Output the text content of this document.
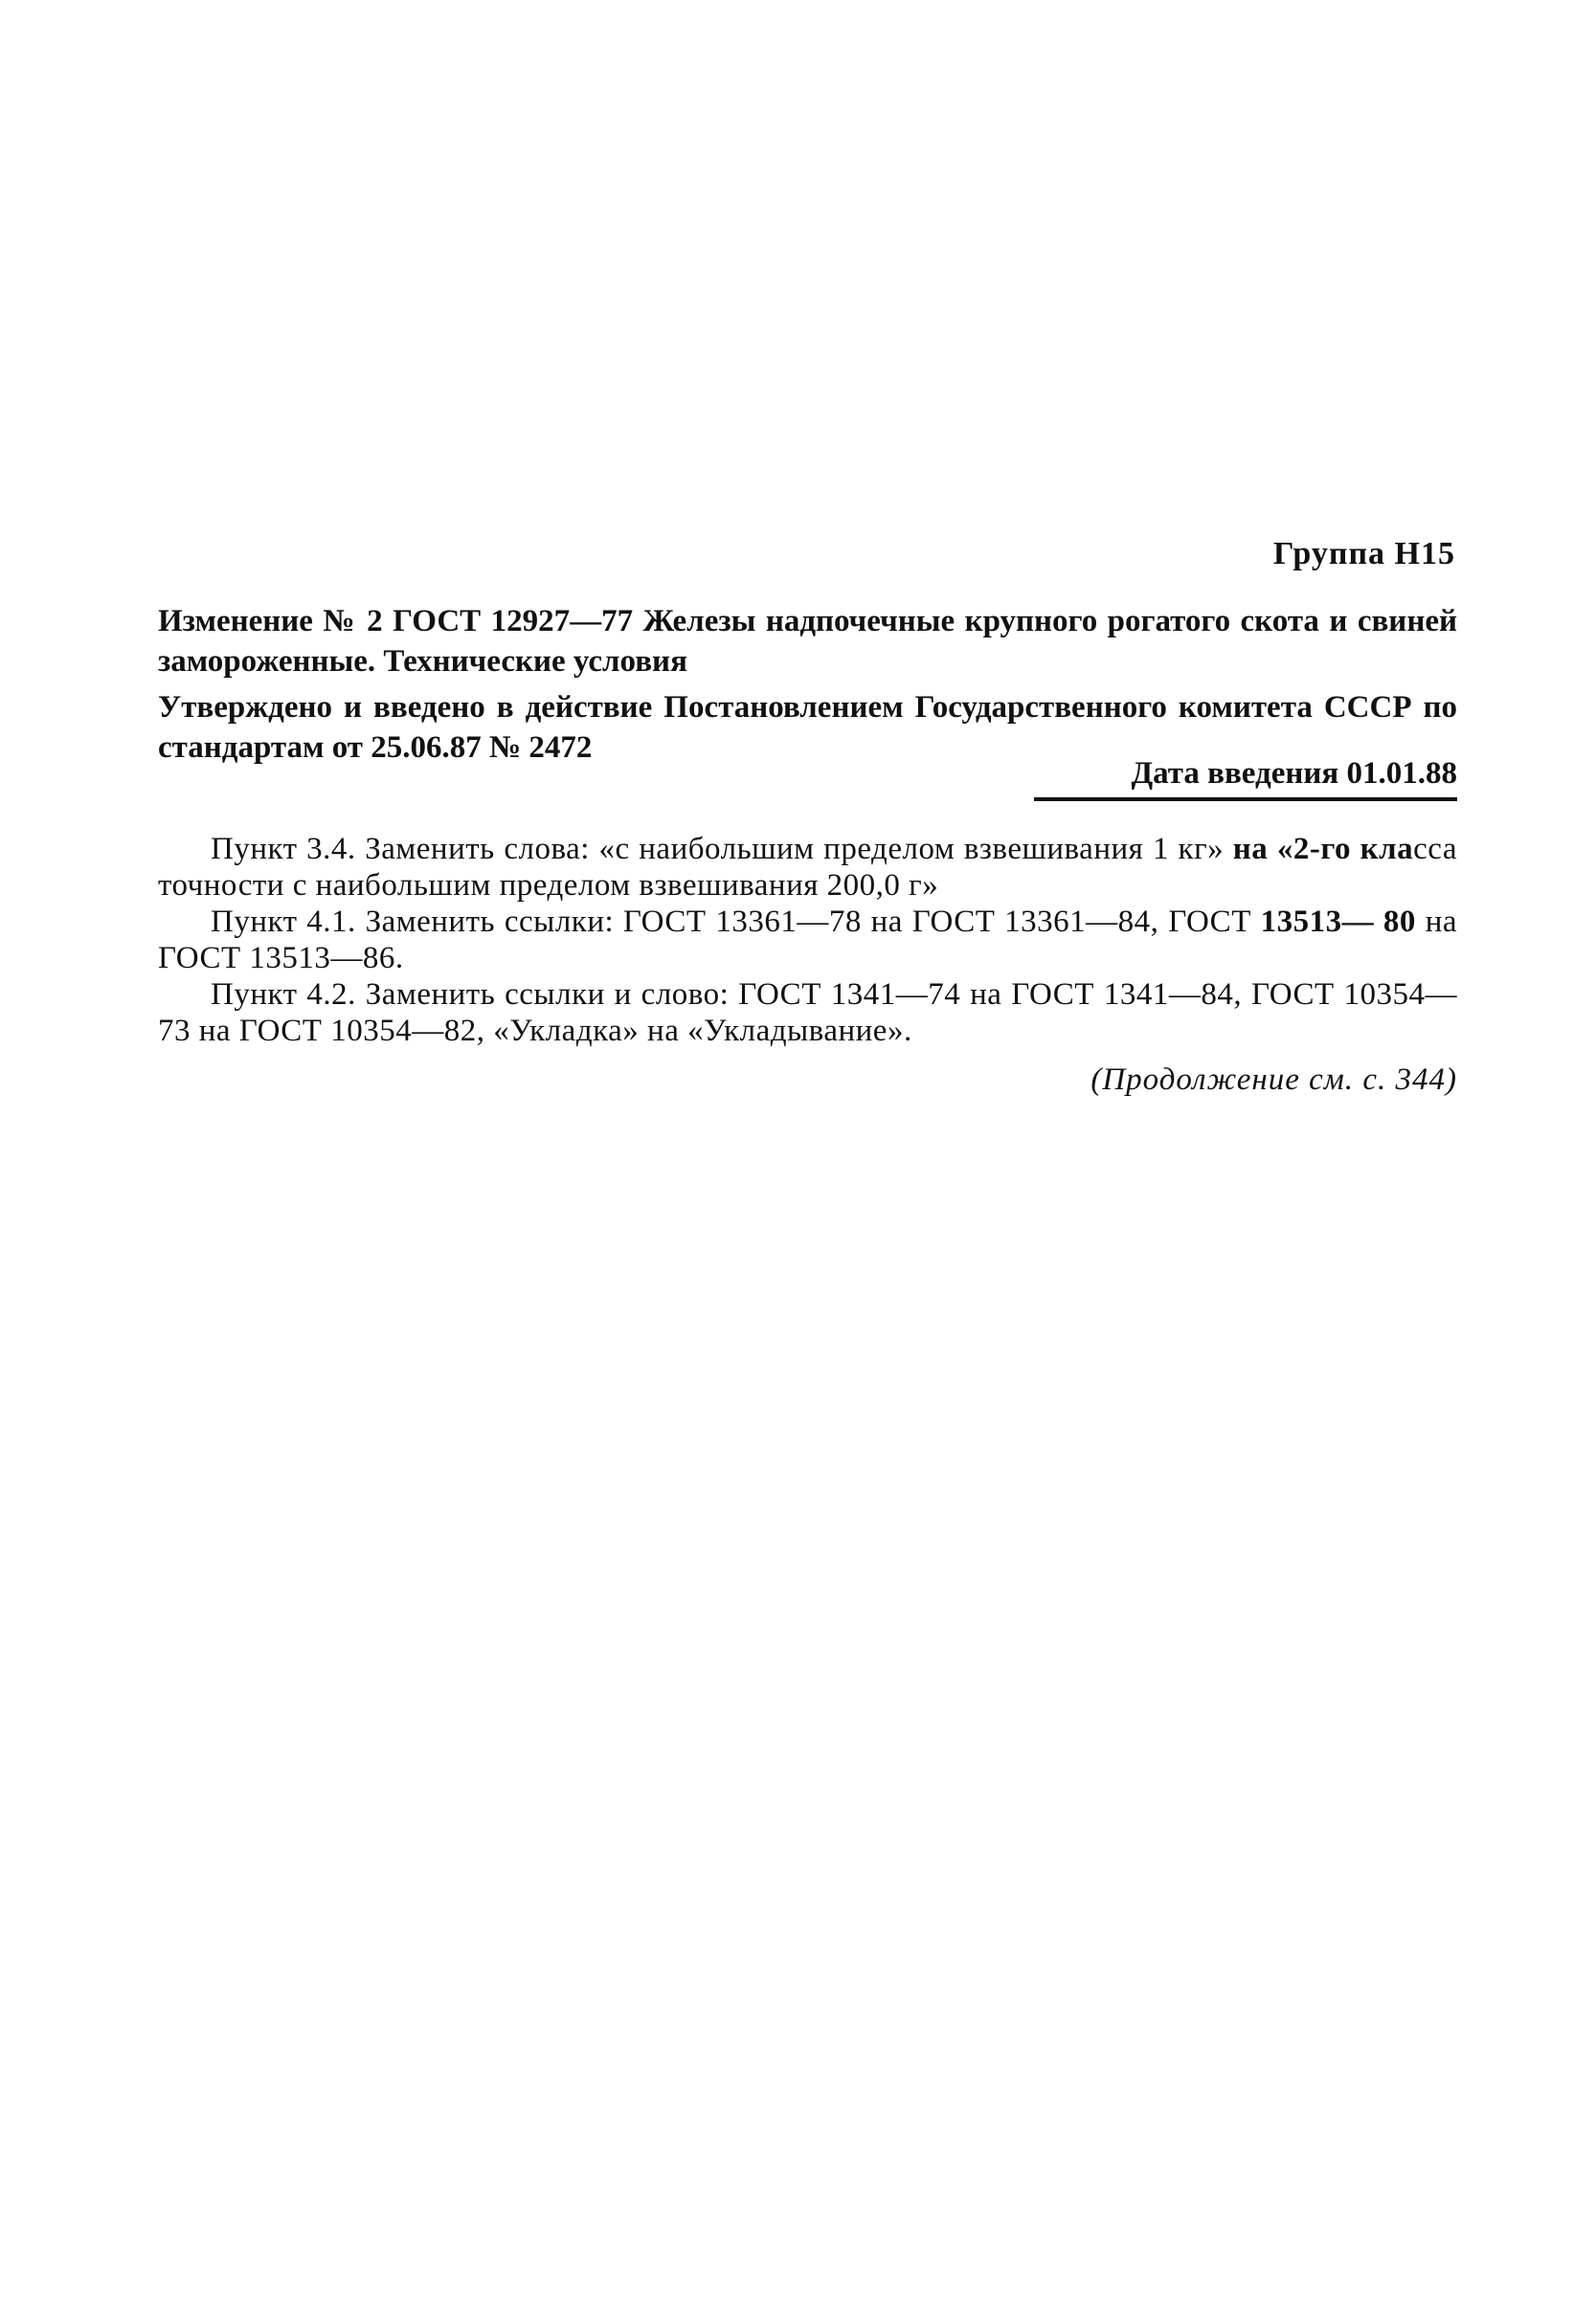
Группа Н15
Изменение № 2 ГОСТ 12927—77 Железы надпочечные крупного рогатого скота и свиней замороженные. Технические условия
Утверждено и введено в действие Постановлением Государственного комитета СССР по стандартам от 25.06.87 № 2472
Дата введения 01.01.88

Пункт 3.4. Заменить слова: «с наибольшим пределом взвешивания 1 кг» на «2-го класса точности с наибольшим пределом взвешивания 200,0 г»

Пункт 4.1. Заменить ссылки: ГОСТ 13361—78 на ГОСТ 13361—84, ГОСТ 13513— 80 на ГОСТ 13513—86.

Пункт 4.2. Заменить ссылки и слово: ГОСТ 1341—74 на ГОСТ 1341—84, ГОСТ 10354—73 на ГОСТ 10354—82, «Укладка» на «Укладывание».

(Продолжение см. с. 344)
